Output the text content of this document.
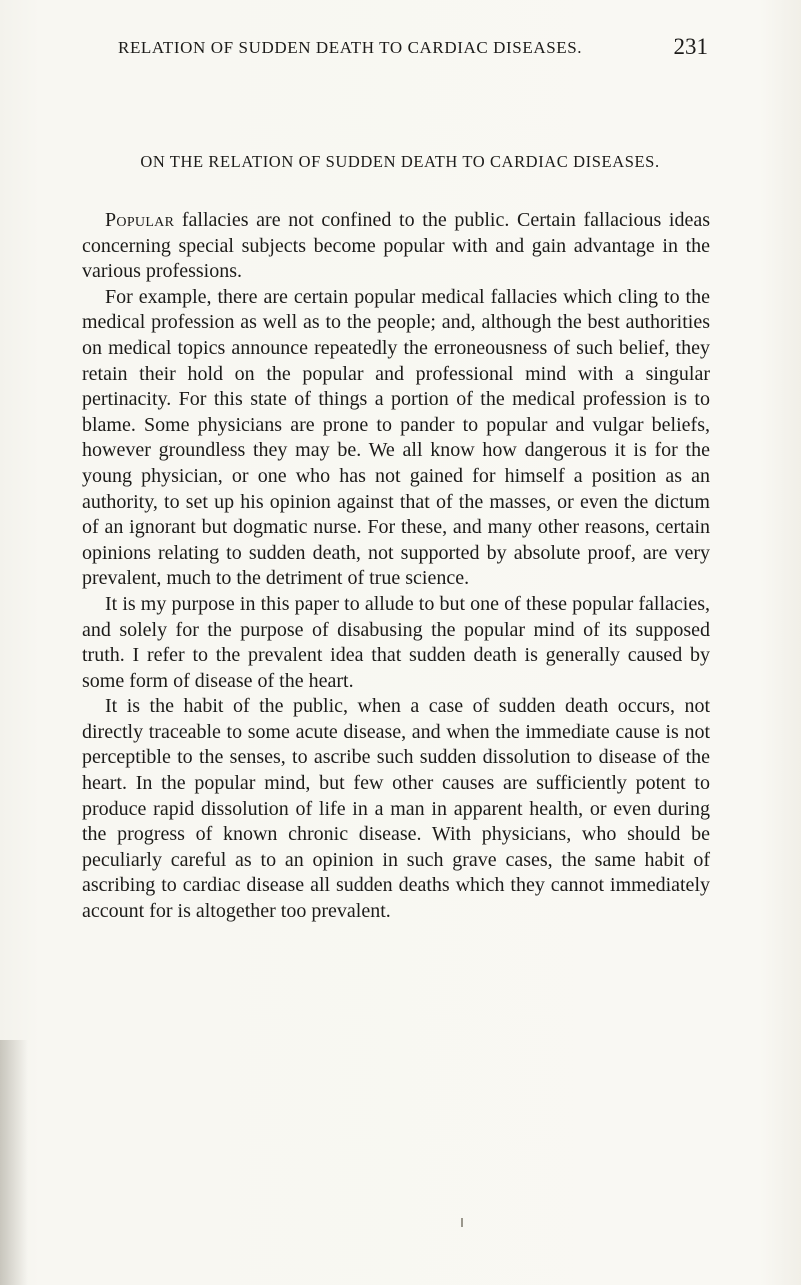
RELATION OF SUDDEN DEATH TO CARDIAC DISEASES.	231
ON THE RELATION OF SUDDEN DEATH TO CARDIAC DISEASES.

Popular fallacies are not confined to the public. Certain fallacious ideas concerning special subjects become popular with and gain advantage in the various professions.

For example, there are certain popular medical fallacies which cling to the medical profession as well as to the people; and, although the best authorities on medical topics announce repeatedly the erroneousness of such belief, they retain their hold on the popular and professional mind with a singular pertinacity. For this state of things a portion of the medical profession is to blame. Some physicians are prone to pander to popular and vulgar beliefs, however groundless they may be. We all know how dangerous it is for the young physician, or one who has not gained for himself a position as an authority, to set up his opinion against that of the masses, or even the dictum of an ignorant but dogmatic nurse. For these, and many other reasons, certain opinions relating to sudden death, not supported by absolute proof, are very prevalent, much to the detriment of true science.

It is my purpose in this paper to allude to but one of these popular fallacies, and solely for the purpose of disabusing the popular mind of its supposed truth. I refer to the prevalent idea that sudden death is generally caused by some form of disease of the heart.

It is the habit of the public, when a case of sudden death occurs, not directly traceable to some acute disease, and when the immediate cause is not perceptible to the senses, to ascribe such sudden dissolution to disease of the heart. In the popular mind, but few other causes are sufficiently potent to produce rapid dissolution of life in a man in apparent health, or even during the progress of known chronic disease. With physicians, who should be peculiarly careful as to an opinion in such grave cases, the same habit of ascribing to cardiac disease all sudden deaths which they cannot immediately account for is altogether too prevalent.
